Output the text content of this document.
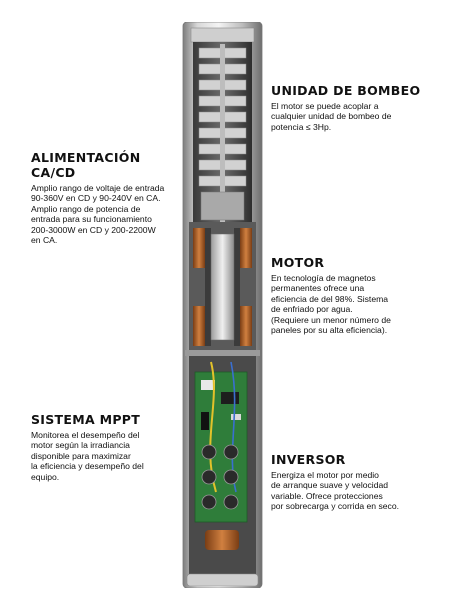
ALIMENTACIÓN CA/CD

Amplio rango de voltaje de entrada
90-360V en CD y 90-240V en CA.
Amplio rango de potencia de
entrada para su funcionamiento
200-3000W en CD y 200-2200W
en CA.

SISTEMA MPPT

Monitorea el desempeño del
motor según la irradiancia
disponible para maximizar
la eficiencia y desempeño del
equipo.

UNIDAD DE BOMBEO

El motor se puede acoplar a
cualquier unidad de bombeo de
potencia ≤ 3Hp.

MOTOR

En tecnología de magnetos
permanentes ofrece una
eficiencia de del 98%. Sistema
de enfriado por agua.
(Requiere un menor número de
paneles por su alta eficiencia).

INVERSOR

Energiza el motor por medio
de arranque suave y velocidad
variable. Ofrece protecciones
por sobrecarga y corrida en seco.
